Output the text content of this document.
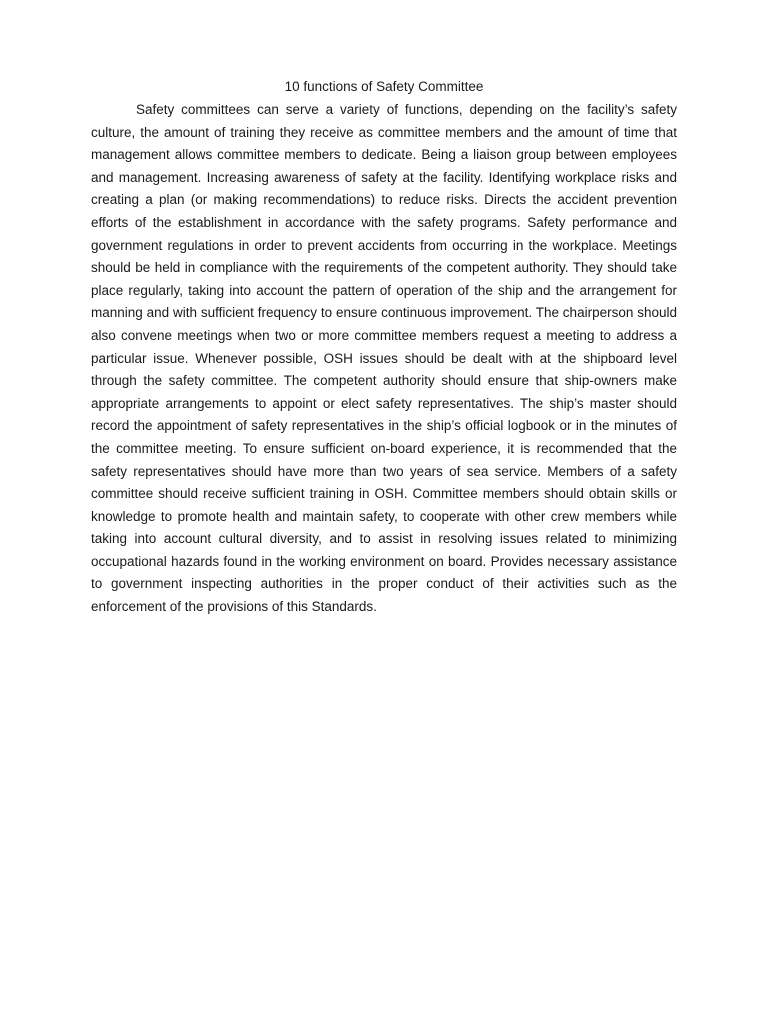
10 functions of Safety Committee

Safety committees can serve a variety of functions, depending on the facility’s safety culture, the amount of training they receive as committee members and the amount of time that management allows committee members to dedicate. Being a liaison group between employees and management. Increasing awareness of safety at the facility. Identifying workplace risks and creating a plan (or making recommendations) to reduce risks. Directs the accident prevention efforts of the establishment in accordance with the safety programs. Safety performance and government regulations in order to prevent accidents from occurring in the workplace. Meetings should be held in compliance with the requirements of the competent authority. They should take place regularly, taking into account the pattern of operation of the ship and the arrangement for manning and with sufficient frequency to ensure continuous improvement. The chairperson should also convene meetings when two or more committee members request a meeting to address a particular issue. Whenever possible, OSH issues should be dealt with at the shipboard level through the safety committee. The competent authority should ensure that ship-owners make appropriate arrangements to appoint or elect safety representatives. The ship’s master should record the appointment of safety representatives in the ship’s official logbook or in the minutes of the committee meeting. To ensure sufficient on-board experience, it is recommended that the safety representatives should have more than two years of sea service. Members of a safety committee should receive sufficient training in OSH. Committee members should obtain skills or knowledge to promote health and maintain safety, to cooperate with other crew members while taking into account cultural diversity, and to assist in resolving issues related to minimizing occupational hazards found in the working environment on board. Provides necessary assistance to government inspecting authorities in the proper conduct of their activities such as the enforcement of the provisions of this Standards.
